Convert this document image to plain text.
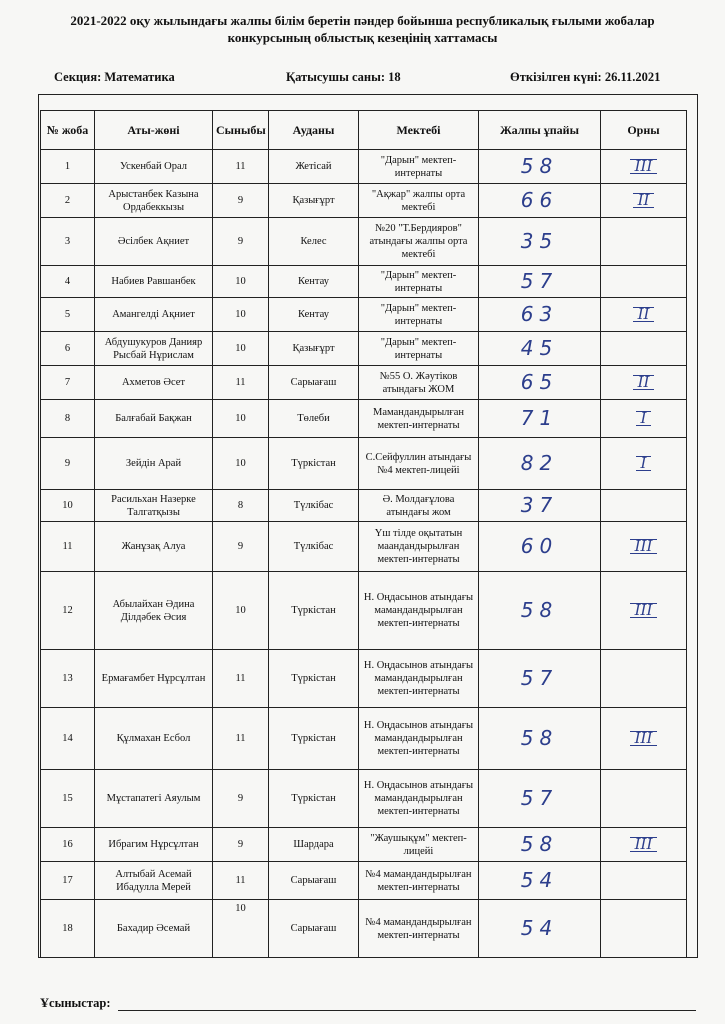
2021-2022 оқу жылындағы жалпы білім беретін пәндер бойынша республикалық ғылыми жобалар конкурсының облыстық кезеңінің хаттамасы
Секция: Математика	Қатысушы саны: 18	Өткізілген күні: 26.11.2021
№ жоба	Аты-жөні	Сыныбы	Ауданы	Мектебі	Жалпы ұпайы	Орны
1	Ускенбай Орал	11	Жетісай	"Дарын" мектеп-интернаты	58	III
2	Арыстанбек Казына Ордабеккызы	9	Қазығұрт	"Ақжар" жалпы орта мектебі	66	II
3	Әсілбек Ақниет	9	Келес	№20 "Т.Бердияров" атындағы жалпы орта мектебі	35	
4	Набиев Равшанбек	10	Кентау	"Дарын" мектеп-интернаты	57	
5	Амангелді Ақниет	10	Кентау	"Дарын" мектеп-интернаты	63	II
6	Абдушукуров Данияр Рысбай Нұрислам	10	Қазығұрт	"Дарын" мектеп-интернаты	45	
7	Ахметов Әсет	11	Сарыағаш	№55 О. Жәутіков атындағы ЖОМ	65	II
8	Балғабай Бақжан	10	Төлеби	Мамандандырылған мектеп-интернаты	71	I
9	Зейдін Арай	10	Түркістан	С.Сейфуллин атындағы №4 мектеп-лицейі	82	I
10	Расильхан Назерке Талгатқызы	8	Түлкібас	Ә. Молдағұлова атындағы жом	37	
11	Жанұзақ Алуа	9	Түлкібас	Үш тілде оқытатын маандандырылған мектеп-интернаты	60	III
12	Абылайхан Әдина Ділдәбек Әсия	10	Түркістан	Н. Оңдасынов атындағы мамандандырылған мектеп-интернаты	58	III
13	Ермағамбет Нұрсұлтан	11	Түркістан	Н. Оңдасынов атындағы мамандандырылған мектеп-интернаты	57	
14	Құлмахан Есбол	11	Түркістан	Н. Оңдасынов атындағы мамандандырылған мектеп-интернаты	58	III
15	Мұстапатегі Аяулым	9	Түркістан	Н. Оңдасынов атындағы мамандандырылған мектеп-интернаты	57	
16	Ибрагим Нұрсұлтан	9	Шардара	"Жаушықұм" мектеп-лицейі	58	III
17	Алтыбай Асемай Ибадулла Мерей	11	Сарыағаш	№4 мамандандырылған мектеп-интернаты	54	
18	Бахадир Әсемай	10	Сарыағаш	№4 мамандандырылған мектеп-интернаты	54	
Ұсыныстар:
